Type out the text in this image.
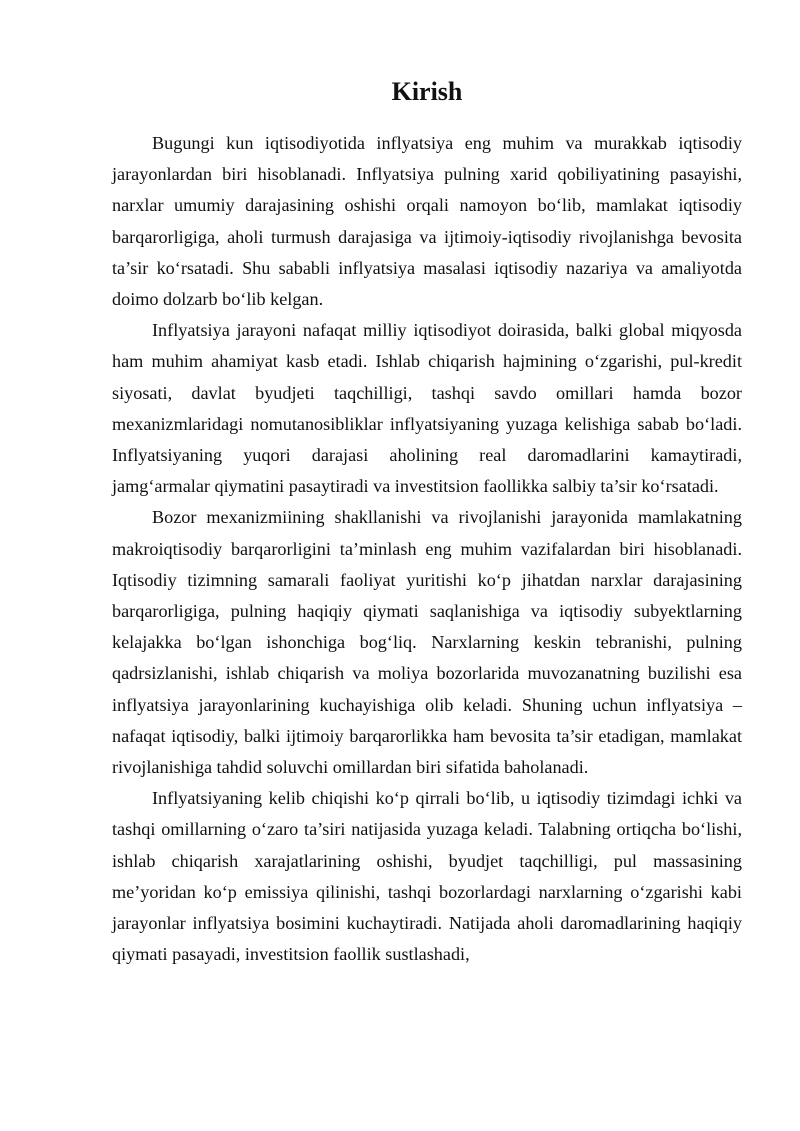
Kirish

Bugungi kun iqtisodiyotida inflyatsiya eng muhim va murakkab iqtisodiy jarayonlardan biri hisoblanadi. Inflyatsiya pulning xarid qobiliyatining pasayishi, narxlar umumiy darajasining oshishi orqali namoyon bo‘lib, mamlakat iqtisodiy barqarorligiga, aholi turmush darajasiga va ijtimoiy-iqtisodiy rivojlanishga bevosita ta’sir ko‘rsatadi. Shu sababli inflyatsiya masalasi iqtisodiy nazariya va amaliyotda doimo dolzarb bo‘lib kelgan.

Inflyatsiya jarayoni nafaqat milliy iqtisodiyot doirasida, balki global miqyosda ham muhim ahamiyat kasb etadi. Ishlab chiqarish hajmining o‘zgarishi, pul-kredit siyosati, davlat byudjeti taqchilligi, tashqi savdo omillari hamda bozor mexanizmlaridagi nomutanosibliklar inflyatsiyaning yuzaga kelishiga sabab bo‘ladi. Inflyatsiyaning yuqori darajasi aholining real daromadlarini kamaytiradi, jamg‘armalar qiymatini pasaytiradi va investitsion faollikka salbiy ta’sir ko‘rsatadi.

Bozor mexanizmiining shakllanishi va rivojlanishi jarayonida mamlakatning makroiqtisodiy barqarorligini ta’minlash eng muhim vazifalardan biri hisoblanadi. Iqtisodiy tizimning samarali faoliyat yuritishi ko‘p jihatdan narxlar darajasining barqarorligiga, pulning haqiqiy qiymati saqlanishiga va iqtisodiy subyektlarning kelajakka bo‘lgan ishonchiga bog‘liq. Narxlarning keskin tebranishi, pulning qadrsizlanishi, ishlab chiqarish va moliya bozorlarida muvozanatning buzilishi esa inflyatsiya jarayonlarining kuchayishiga olib keladi. Shuning uchun inflyatsiya – nafaqat iqtisodiy, balki ijtimoiy barqarorlikka ham bevosita ta’sir etadigan, mamlakat rivojlanishiga tahdid soluvchi omillardan biri sifatida baholanadi.

Inflyatsiyaning kelib chiqishi ko‘p qirrali bo‘lib, u iqtisodiy tizimdagi ichki va tashqi omillarning o‘zaro ta’siri natijasida yuzaga keladi. Talabning ortiqcha bo‘lishi, ishlab chiqarish xarajatlarining oshishi, byudjet taqchilligi, pul massasining me’yoridan ko‘p emissiya qilinishi, tashqi bozorlardagi narxlarning o‘zgarishi kabi jarayonlar inflyatsiya bosimini kuchaytiradi. Natijada aholi daromadlarining haqiqiy qiymati pasayadi, investitsion faollik sustlashadi,
